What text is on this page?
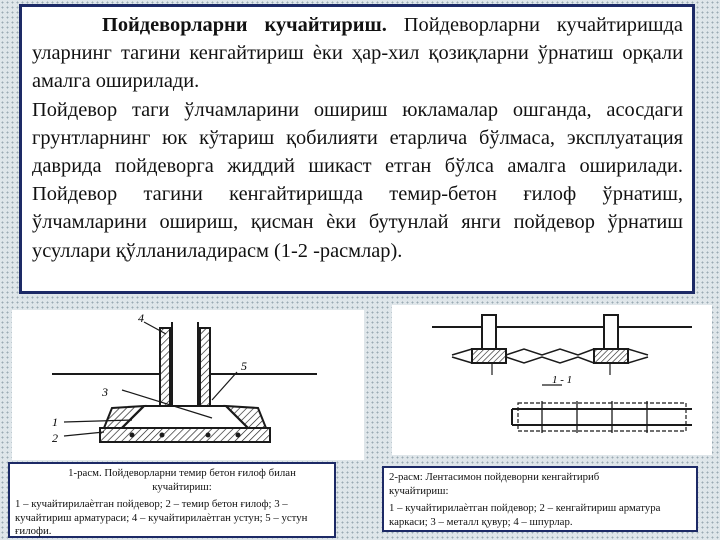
Пойдеворларни кучайтириш. Пойдеворларни кучайтиришда уларнинг тагини кенгайтириш ѐки ҳар-хил қозиқларни ўрнатиш орқали амалга оширилади.

Пойдевор таги ўлчамларини ошириш юкламалар ошганда, асосдаги грунтларнинг юк кўтариш қобилияти етарлича бўлмаса, эксплуатация даврида пойдеворга жиддий шикаст етган бўлса амалга оширилади. Пойдевор тагини кенгайтиришда темир-бетон ғилоф ўрнатиш, ўлчамларини ошириш, қисман ѐки бутунлай янги пойдевор ўрнатиш усуллари қўлланиладирасм (1-2 -расмлар).

4
5
3
1
2
1 - 1
1-расм. Пойдеворларни темир бетон ғилоф билан кучайтириш:
1 – кучайтирилаѐтган пойдевор; 2 – темир бетон ғилоф; 3 – кучайтириш арматураси; 4 – кучайтирилаѐтган устун; 5 – устун ғилофи.
2-расм: Лентасимон пойдеворни кенгайтириб кучайтириш:
1 – кучайтирилаѐтган пойдевор; 2 – кенгайтириш арматура каркаси; 3 – металл қувур; 4 – шпурлар.
